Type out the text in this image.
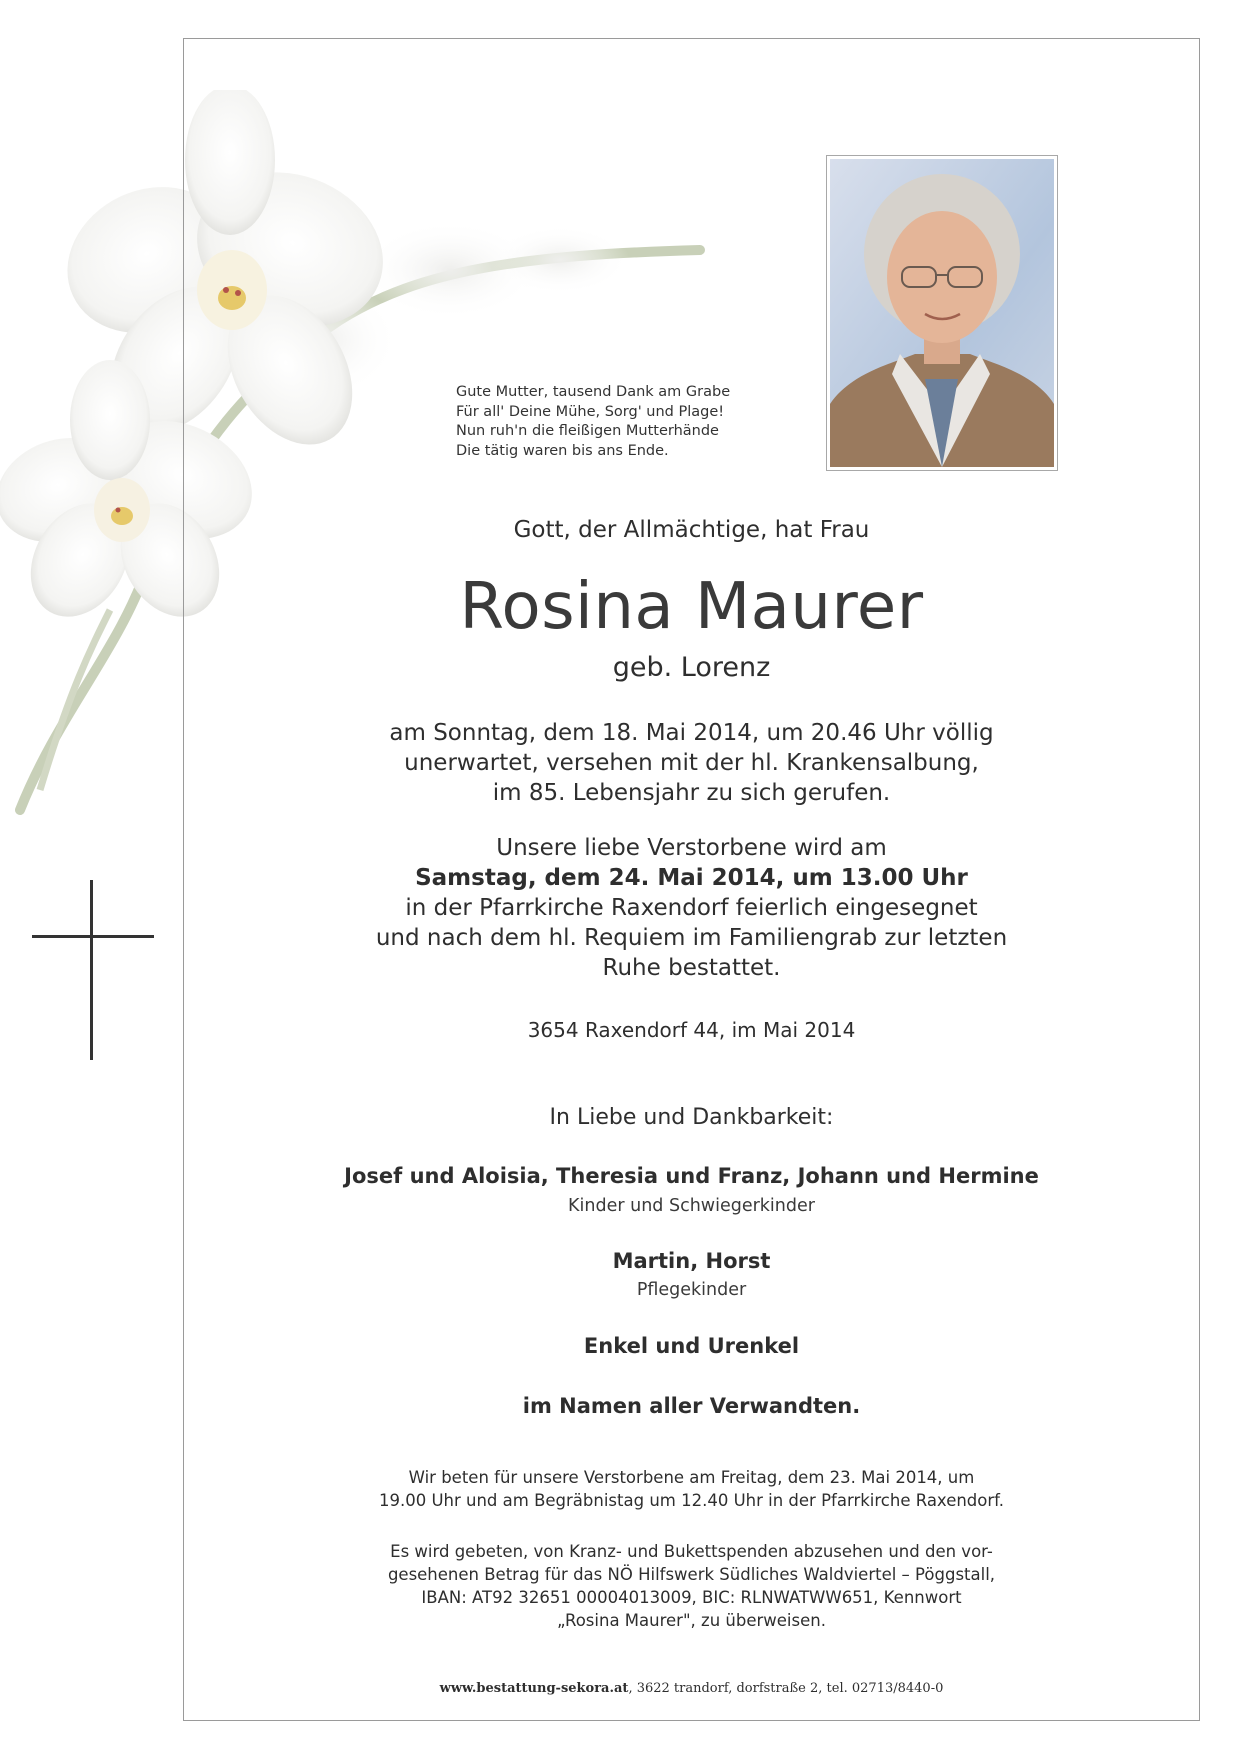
Gute Mutter, tausend Dank am Grabe
Für all' Deine Mühe, Sorg' und Plage!
Nun ruh'n die fleißigen Mutterhände
Die tätig waren bis ans Ende.
Gott, der Allmächtige, hat Frau
Rosina Maurer
geb. Lorenz
am Sonntag, dem 18. Mai 2014, um 20.46 Uhr völlig
unerwartet, versehen mit der hl. Krankensalbung,
im 85. Lebensjahr zu sich gerufen.
Unsere liebe Verstorbene wird am
Samstag, dem 24. Mai 2014, um 13.00 Uhr
in der Pfarrkirche Raxendorf feierlich eingesegnet
und nach dem hl. Requiem im Familiengrab zur letzten
Ruhe bestattet.
3654 Raxendorf 44, im Mai 2014
In Liebe und Dankbarkeit:
Josef und Aloisia, Theresia und Franz, Johann und Hermine
Kinder und Schwiegerkinder
Martin, Horst
Pflegekinder
Enkel und Urenkel
im Namen aller Verwandten.
Wir beten für unsere Verstorbene am Freitag, dem 23. Mai 2014, um
19.00 Uhr und am Begräbnistag um 12.40 Uhr in der Pfarrkirche Raxendorf.
Es wird gebeten, von Kranz- und Bukettspenden abzusehen und den vor-
gesehenen Betrag für das NÖ Hilfswerk Südliches Waldviertel – Pöggstall,
IBAN: AT92 32651 00004013009, BIC: RLNWATWW651, Kennwort
„Rosina Maurer", zu überweisen.
www.bestattung-sekora.at, 3622 trandorf, dorfstraße 2, tel. 02713/8440-0
